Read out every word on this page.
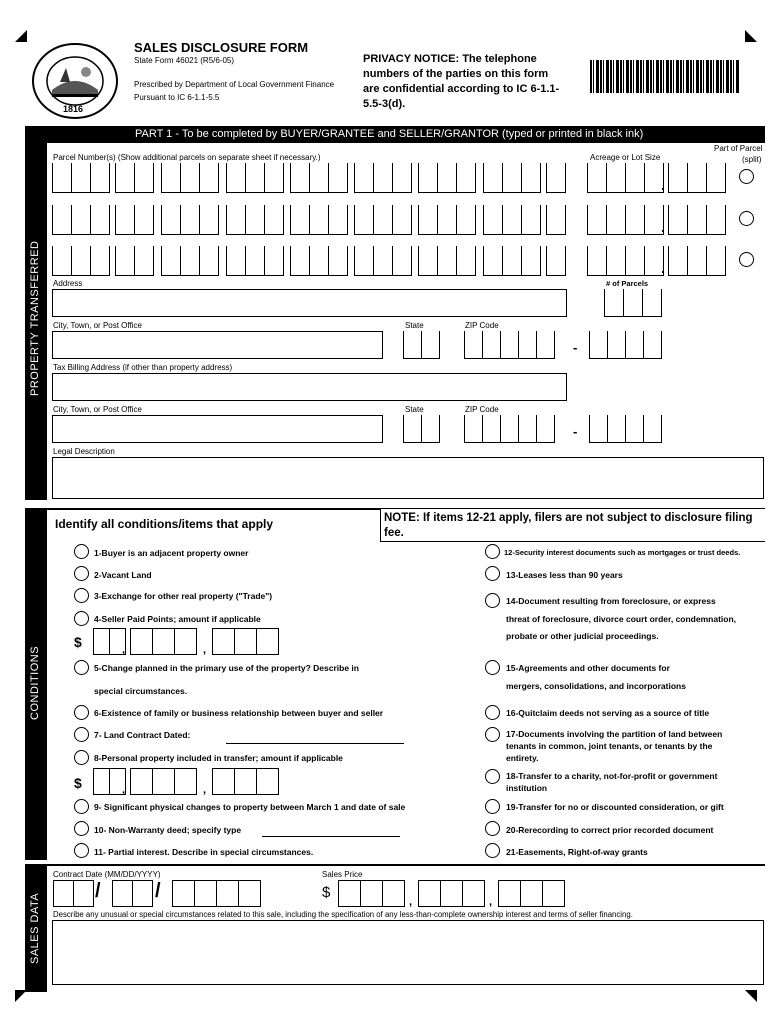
1816
SALES DISCLOSURE FORM
State Form 46021 (R5/6-05)
Prescribed by Department of Local Government Finance
Pursuant to IC 6-1.1-5.5
PRIVACY NOTICE: The telephone numbers of the parties on this form are confidential according to IC 6-1.1-5.5-3(d).
PROPERTY TRANSFERRED
PART 1 - To be completed by BUYER/GRANTEE and SELLER/GRANTOR (typed or printed in black ink)
Parcel Number(s) (Show additional parcels on separate sheet if necessary.)	Acreage or Lot Size
Part of Parcel
(split)
.
.
.
Address	# of Parcels
City, Town, or Post Office	State	ZIP Code
-
Tax Billing Address (if other than property address)
City, Town, or Post Office	State	ZIP Code
-
Legal Description
CONDITIONS
Identify all conditions/items that apply	NOTE: If items 12-21 apply, filers are not subject to disclosure filing fee.
1-Buyer is an adjacent property owner
2-Vacant Land
3-Exchange for other real property ("Trade")
4-Seller Paid Points; amount if applicable
$	,	,
5-Change planned in the primary use of the property? Describe in
special circumstances.
6-Existence of family or business relationship between buyer and seller
7- Land Contract Dated:
8-Personal property included in transfer; amount if applicable
$	,	,
9- Significant physical changes to property between March 1 and date of sale
10- Non-Warranty deed; specify type
11- Partial interest. Describe in special circumstances.
12-Security interest documents such as mortgages or trust deeds.
13-Leases less than 90 years
14-Document resulting from foreclosure, or express
threat of foreclosure, divorce court order, condemnation,
probate or other judicial proceedings.
15-Agreements and other documents for
mergers, consolidations, and incorporations
16-Quitclaim deeds not serving as a source of title
17-Documents involving the partition of land between
tenants in common, joint tenants, or tenants by the
entirety.
18-Transfer to a charity, not-for-profit or government
institution
19-Transfer for no or discounted consideration, or gift
20-Rerecording to correct prior recorded document
21-Easements, Right-of-way grants
SALES DATA
Contract Date (MM/DD/YYYY)	Sales Price
/	/	$
,	,
Describe any unusual or special circumstances related to this sale, including the specification of any less-than-complete ownership interest and terms of seller financing.
